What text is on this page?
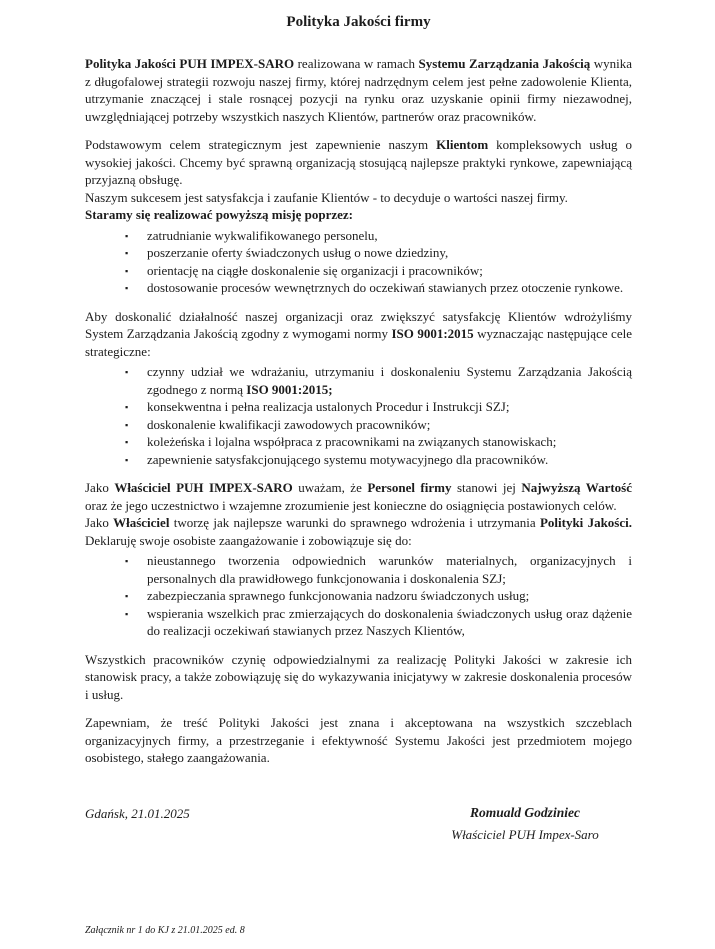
Polityka Jakości firmy

Polityka Jakości PUH IMPEX-SARO realizowana w ramach Systemu Zarządzania Jakością wynika z długofalowej strategii rozwoju naszej firmy, której nadrzędnym celem jest pełne zadowolenie Klienta, utrzymanie znaczącej i stale rosnącej pozycji na rynku oraz uzyskanie opinii firmy niezawodnej, uwzględniającej potrzeby wszystkich naszych Klientów, partnerów oraz pracowników.

Podstawowym celem strategicznym jest zapewnienie naszym Klientom kompleksowych usług o wysokiej jakości. Chcemy być sprawną organizacją stosującą najlepsze praktyki rynkowe, zapewniającą przyjazną obsługę.

Naszym sukcesem jest satysfakcja i zaufanie Klientów - to decyduje o wartości naszej firmy.

Staramy się realizować powyższą misję poprzez:

▪ zatrudnianie wykwalifikowanego personelu,
▪ poszerzanie oferty świadczonych usług o nowe dziedziny,
▪ orientację na ciągłe doskonalenie się organizacji i pracowników;
▪ dostosowanie procesów wewnętrznych do oczekiwań stawianych przez otoczenie rynkowe.

Aby doskonalić działalność naszej organizacji oraz zwiększyć satysfakcję Klientów wdrożyliśmy System Zarządzania Jakością zgodny z wymogami normy ISO 9001:2015 wyznaczając następujące cele strategiczne:

▪ czynny udział we wdrażaniu, utrzymaniu i doskonaleniu Systemu Zarządzania Jakością zgodnego z normą ISO 9001:2015;
▪ konsekwentna i pełna realizacja ustalonych Procedur i Instrukcji SZJ;
▪ doskonalenie kwalifikacji zawodowych pracowników;
▪ koleżeńska i lojalna współpraca z pracownikami na związanych stanowiskach;
▪ zapewnienie satysfakcjonującego systemu motywacyjnego dla pracowników.

Jako Właściciel PUH IMPEX-SARO uważam, że Personel firmy stanowi jej Najwyższą Wartość oraz że jego uczestnictwo i wzajemne zrozumienie jest konieczne do osiągnięcia postawionych celów.

Jako Właściciel tworzę jak najlepsze warunki do sprawnego wdrożenia i utrzymania Polityki Jakości. Deklaruję swoje osobiste zaangażowanie i zobowiązuje się do:

▪ nieustannego tworzenia odpowiednich warunków materialnych, organizacyjnych i personalnych dla prawidłowego funkcjonowania i doskonalenia SZJ;
▪ zabezpieczania sprawnego funkcjonowania nadzoru świadczonych usług;
▪ wspierania wszelkich prac zmierzających do doskonalenia świadczonych usług oraz dążenie do realizacji oczekiwań stawianych przez Naszych Klientów,

Wszystkich pracowników czynię odpowiedzialnymi za realizację Polityki Jakości w zakresie ich stanowisk pracy, a także zobowiązuję się do wykazywania inicjatywy w zakresie doskonalenia procesów i usług.

Zapewniam, że treść Polityki Jakości jest znana i akceptowana na wszystkich szczeblach organizacyjnych firmy, a przestrzeganie i efektywność Systemu Jakości jest przedmiotem mojego osobistego, stałego zaangażowania.

Gdańsk, 21.01.2025	Romuald Godziniec
Właściciel PUH Impex-Saro
Załącznik nr 1 do KJ z 21.01.2025 ed. 8
